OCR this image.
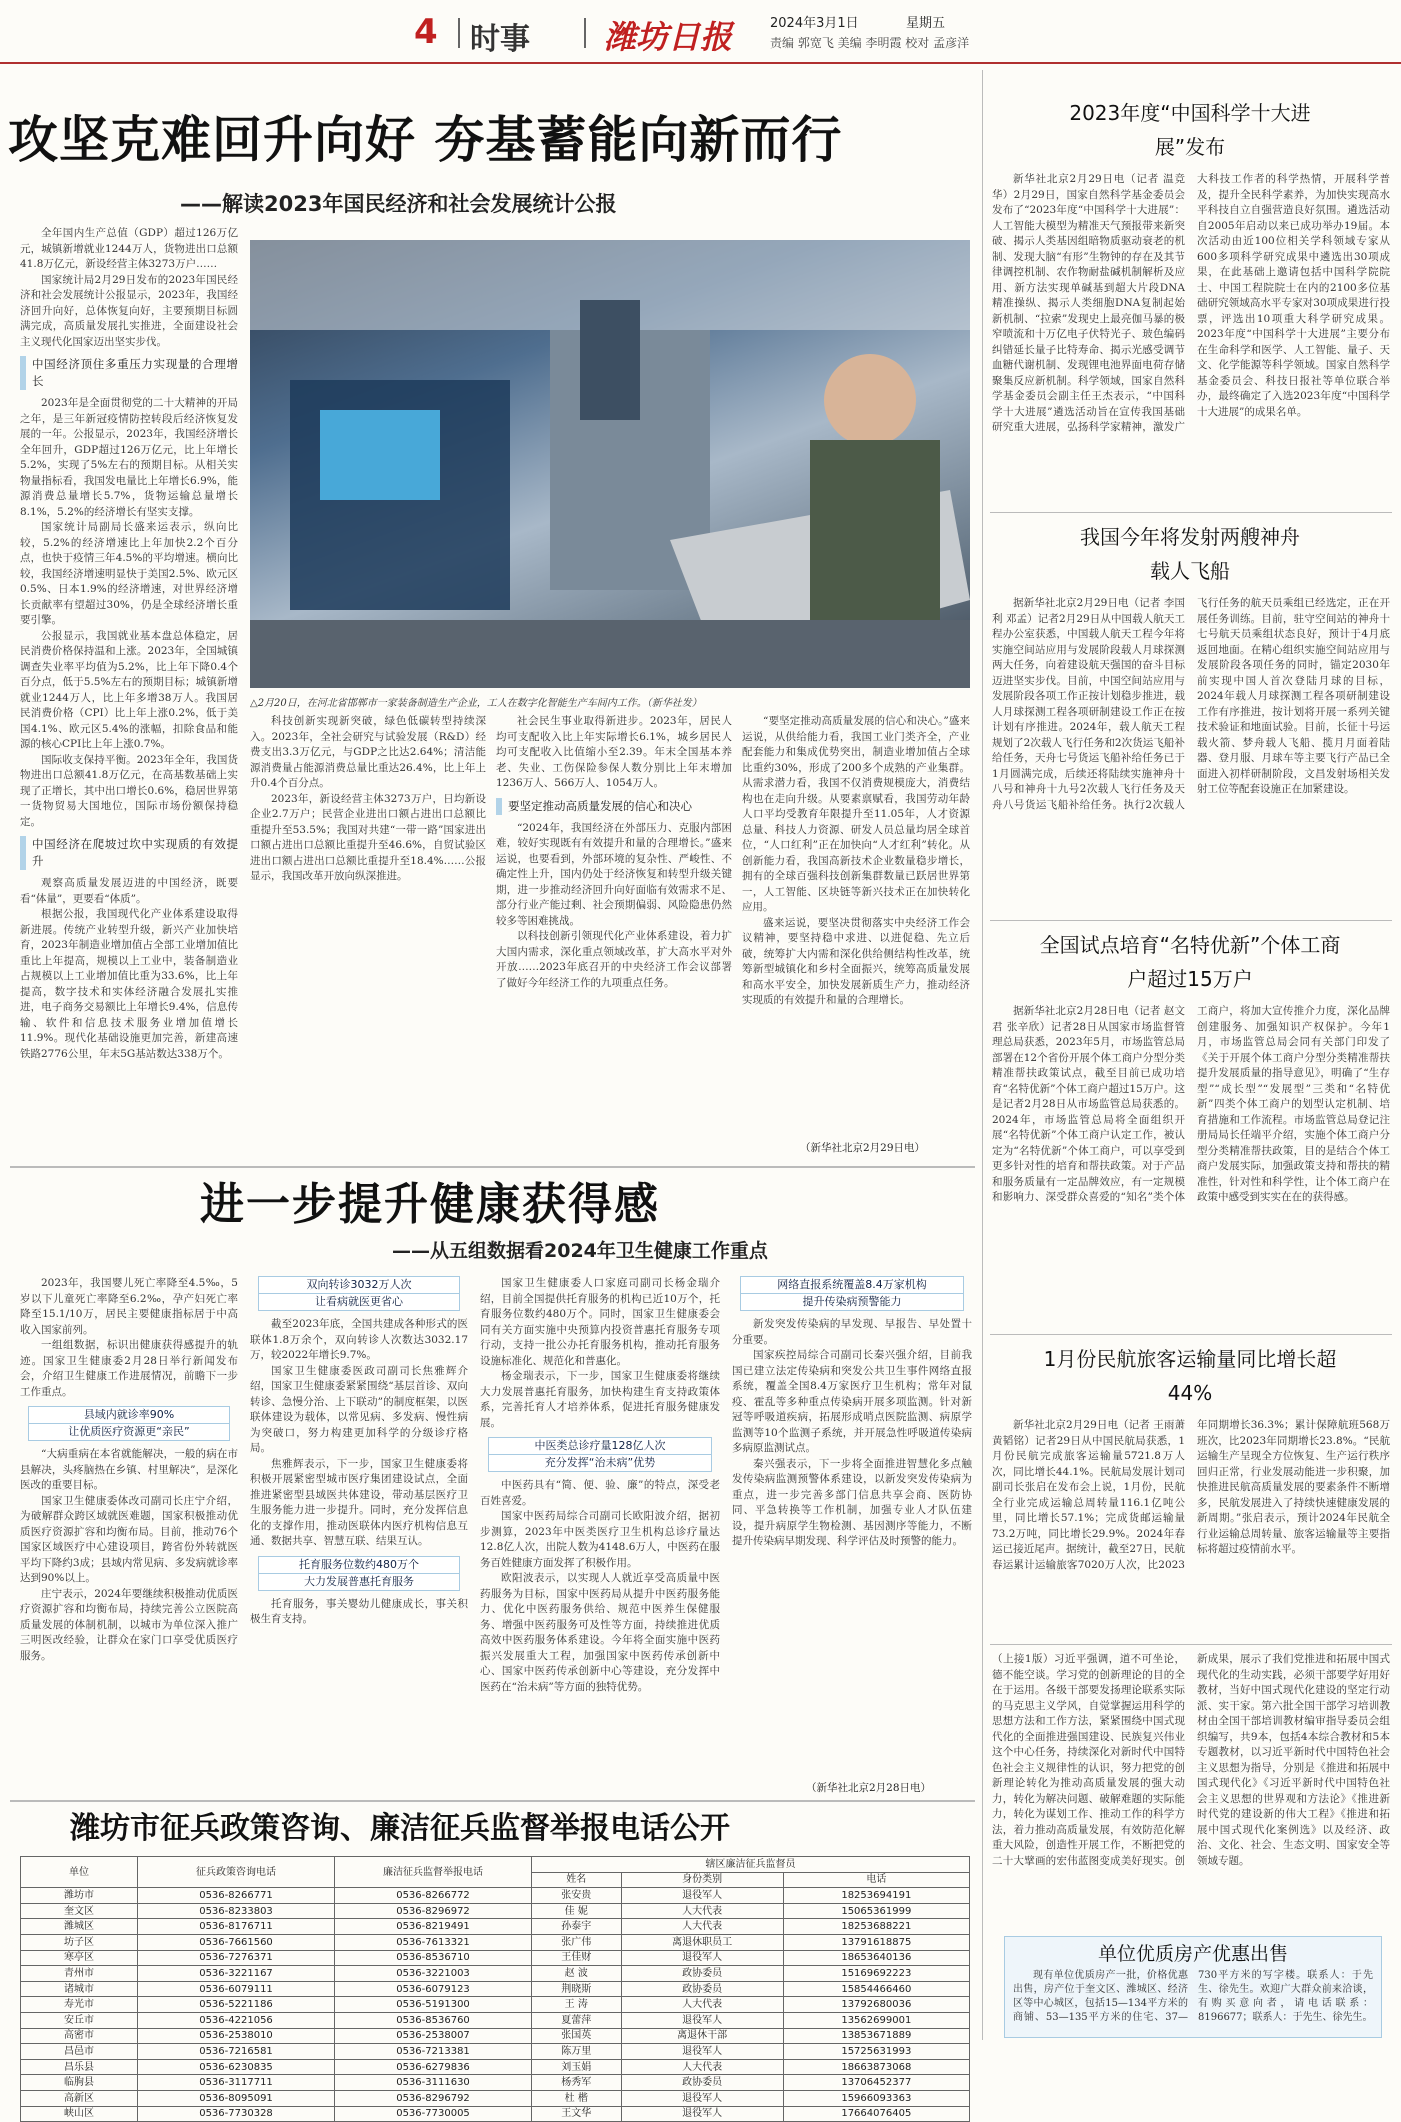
4 时事 潍坊日报	2024年3月1日	星期五
责编 郭宽飞 美编 李明霞 校对 孟彦洋
攻坚克难回升向好 夯基蓄能向新而行
——解读2023年国民经济和社会发展统计公报

全年国内生产总值（GDP）超过126万亿元，城镇新增就业1244万人，货物进出口总额41.8万亿元，新设经营主体3273万户……

国家统计局2月29日发布的2023年国民经济和社会发展统计公报显示，2023年，我国经济回升向好，总体恢复向好，主要预期目标圆满完成，高质量发展扎实推进，全面建设社会主义现代化国家迈出坚实步伐。

中国经济顶住多重压力实现量的合理增长

2023年是全面贯彻党的二十大精神的开局之年，是三年新冠疫情防控转段后经济恢复发展的一年。公报显示，2023年，我国经济增长全年回升，GDP超过126万亿元，比上年增长5.2%，实现了5%左右的预期目标。从相关实物量指标看，我国发电量比上年增长6.9%，能源消费总量增长5.7%，货物运输总量增长8.1%，5.2%的经济增长有坚实支撑。

国家统计局副局长盛来运表示，纵向比较，5.2%的经济增速比上年加快2.2个百分点，也快于疫情三年4.5%的平均增速。横向比较，我国经济增速明显快于美国2.5%、欧元区0.5%、日本1.9%的经济增速，对世界经济增长贡献率有望超过30%，仍是全球经济增长重要引擎。

公报显示，我国就业基本盘总体稳定，居民消费价格保持温和上涨。2023年，全国城镇调查失业率平均值为5.2%，比上年下降0.4个百分点，低于5.5%左右的预期目标；城镇新增就业1244万人，比上年多增38万人。我国居民消费价格（CPI）比上年上涨0.2%，低于美国4.1%、欧元区5.4%的涨幅，扣除食品和能源的核心CPI比上年上涨0.7%。

国际收支保持平衡。2023年全年，我国货物进出口总额41.8万亿元，在高基数基础上实现了正增长，其中出口增长0.6%，稳居世界第一货物贸易大国地位，国际市场份额保持稳定。

中国经济在爬坡过坎中实现质的有效提升

观察高质量发展迈进的中国经济，既要看“体量”，更要看“体质”。

根据公报，我国现代化产业体系建设取得新进展。传统产业转型升级，新兴产业加快培育，2023年制造业增加值占全部工业增加值比重比上年提高，规模以上工业中，装备制造业占规模以上工业增加值比重为33.6%，比上年提高，数字技术和实体经济融合发展扎实推进，电子商务交易额比上年增长9.4%，信息传输、软件和信息技术服务业增加值增长11.9%。现代化基础设施更加完善，新建高速铁路2776公里，年末5G基站数达338万个。

△2月20日，在河北省邯郸市一家装备制造生产企业，工人在数字化智能生产车间内工作。（新华社发）

科技创新实现新突破，绿色低碳转型持续深入。2023年，全社会研究与试验发展（R&D）经费支出3.3万亿元，与GDP之比达2.64%；清洁能源消费量占能源消费总量比重达26.4%，比上年上升0.4个百分点。

2023年，新设经营主体3273万户，日均新设企业2.7万户；民营企业进出口额占进出口总额比重提升至53.5%；我国对共建“一带一路”国家进出口额占进出口总额比重提升至46.6%，自贸试验区进出口额占进出口总额比重提升至18.4%……公报显示，我国改革开放向纵深推进。

社会民生事业取得新进步。2023年，居民人均可支配收入比上年实际增长6.1%，城乡居民人均可支配收入比值缩小至2.39。年末全国基本养老、失业、工伤保险参保人数分别比上年末增加1236万人、566万人、1054万人。

要坚定推动高质量发展的信心和决心

“2024年，我国经济在外部压力、克服内部困难，较好实现既有有效提升和量的合理增长。”盛来运说，也要看到，外部环境的复杂性、严峻性、不确定性上升，国内仍处于经济恢复和转型升级关键期，进一步推动经济回升向好面临有效需求不足、部分行业产能过剩、社会预期偏弱、风险隐患仍然较多等困难挑战。

以科技创新引领现代化产业体系建设，着力扩大国内需求，深化重点领域改革，扩大高水平对外开放……2023年底召开的中央经济工作会议部署了做好今年经济工作的九项重点任务。

“要坚定推动高质量发展的信心和决心。”盛来运说，从供给能力看，我国工业门类齐全，产业配套能力和集成优势突出，制造业增加值占全球比重约30%，形成了200多个成熟的产业集群。从需求潜力看，我国不仅消费规模庞大，消费结构也在走向升级。从要素禀赋看，我国劳动年龄人口平均受教育年限提升至11.05年，人才资源总量、科技人力资源、研发人员总量均居全球首位，“人口红利”正在加快向“人才红利”转化。从创新能力看，我国高新技术企业数量稳步增长，拥有的全球百强科技创新集群数量已跃居世界第一，人工智能、区块链等新兴技术正在加快转化应用。

盛来运说，要坚决贯彻落实中央经济工作会议精神，要坚持稳中求进、以进促稳、先立后破，统筹扩大内需和深化供给侧结构性改革，统筹新型城镇化和乡村全面振兴，统筹高质量发展和高水平安全，加快发展新质生产力，推动经济实现质的有效提升和量的合理增长。

（新华社北京2月29日电）
进一步提升健康获得感
——从五组数据看2024年卫生健康工作重点

2023年，我国婴儿死亡率降至4.5‰，5岁以下儿童死亡率降至6.2‰，孕产妇死亡率降至15.1/10万，居民主要健康指标居于中高收入国家前列。

一组组数据，标识出健康获得感提升的轨迹。国家卫生健康委2月28日举行新闻发布会，介绍卫生健康工作进展情况，前瞻下一步工作重点。

县域内就诊率90%
让优质医疗资源更“亲民”

“大病重病在本省就能解决，一般的病在市县解决，头疼脑热在乡镇、村里解决”，是深化医改的重要目标。

国家卫生健康委体改司副司长庄宁介绍，为破解群众跨区域就医难题，国家积极推动优质医疗资源扩容和均衡布局。目前，推动76个国家区域医疗中心建设项目，跨省份外转就医平均下降约3成；县域内常见病、多发病就诊率达到90%以上。

庄宁表示，2024年要继续积极推动优质医疗资源扩容和均衡布局，持续完善公立医院高质量发展的体制机制，以城市为单位深入推广三明医改经验，让群众在家门口享受优质医疗服务。

双向转诊3032万人次
让看病就医更省心

截至2023年底，全国共建成各种形式的医联体1.8万余个，双向转诊人次数达3032.17万，较2022年增长9.7%。

国家卫生健康委医政司副司长焦雅辉介绍，国家卫生健康委紧紧围绕“基层首诊、双向转诊、急慢分治、上下联动”的制度框架，以医联体建设为载体，以常见病、多发病、慢性病为突破口，努力构建更加科学的分级诊疗格局。

焦雅辉表示，下一步，国家卫生健康委将积极开展紧密型城市医疗集团建设试点，全面推进紧密型县域医共体建设，带动基层医疗卫生服务能力进一步提升。同时，充分发挥信息化的支撑作用，推动医联体内医疗机构信息互通、数据共享、智慧互联、结果互认。

托育服务位数约480万个
大力发展普惠托育服务

托育服务，事关婴幼儿健康成长，事关积极生育支持。

国家卫生健康委人口家庭司副司长杨金瑞介绍，目前全国提供托育服务的机构已近10万个，托育服务位数约480万个。同时，国家卫生健康委会同有关方面实施中央预算内投资普惠托育服务专项行动，支持一批公办托育服务机构，推动托育服务设施标准化、规范化和普惠化。

杨金瑞表示，下一步，国家卫生健康委将继续大力发展普惠托育服务，加快构建生育支持政策体系，完善托育人才培养体系，促进托育服务健康发展。

中医类总诊疗量128亿人次
充分发挥“治未病”优势

中医药具有“简、便、验、廉”的特点，深受老百姓喜爱。

国家中医药局综合司副司长欧阳波介绍，据初步测算，2023年中医类医疗卫生机构总诊疗量达12.8亿人次，出院人数为4148.6万人，中医药在服务百姓健康方面发挥了积极作用。

欧阳波表示，以实现人人就近享受高质量中医药服务为目标，国家中医药局从提升中医药服务能力、优化中医药服务供给、规范中医养生保健服务、增强中医药服务可及性等方面，持续推进优质高效中医药服务体系建设。今年将全面实施中医药振兴发展重大工程，加强国家中医药传承创新中心、国家中医药传承创新中心等建设，充分发挥中医药在“治未病”等方面的独特优势。

网络直报系统覆盖8.4万家机构
提升传染病预警能力

新发突发传染病的早发现、早报告、早处置十分重要。

国家疾控局综合司副司长秦兴强介绍，目前我国已建立法定传染病和突发公共卫生事件网络直报系统，覆盖全国8.4万家医疗卫生机构；常年对鼠疫、霍乱等多种重点传染病开展多项监测。针对新冠等呼吸道疾病，拓展形成哨点医院监测、病原学监测等10个监测子系统，并开展急性呼吸道传染病多病原监测试点。

秦兴强表示，下一步将全面推进智慧化多点触发传染病监测预警体系建设，以新发突发传染病为重点，进一步完善多部门信息共享会商、医防协同、平急转换等工作机制，加强专业人才队伍建设，提升病原学生物检测、基因测序等能力，不断提升传染病早期发现、科学评估及时预警的能力。

（新华社北京2月28日电）
潍坊市征兵政策咨询、廉洁征兵监督举报电话公开
单位	征兵政策咨询电话	廉洁征兵监督举报电话	辖区廉洁征兵监督员		
			姓名	身份类别	电话
潍坊市	0536-8266771	0536-8266772	张安贵	退役军人	18253694191
奎文区	0536-8233803	0536-8296972	佳 妮	人大代表	15065361999
潍城区	0536-8176711	0536-8219491	孙泰宇	人大代表	18253688221
坊子区	0536-7661560	0536-7613321	张广伟	离退休职员工	13791618875
寒亭区	0536-7276371	0536-8536710	王佳财	退役军人	18653640136
青州市	0536-3221167	0536-3221003	赵 波	政协委员	15169692223
诸城市	0536-6079111	0536-6079123	荆晓斯	政协委员	15854466460
寿光市	0536-5221186	0536-5191300	王 涛	人大代表	13792680036
安丘市	0536-4221056	0536-8536760	夏蕾萍	退役军人	13562699001
高密市	0536-2538010	0536-2538007	张国英	离退休干部	13853671889
昌邑市	0536-7216581	0536-7213381	陈万里	退役军人	15725631993
昌乐县	0536-6230835	0536-6279836	刘玉娟	人大代表	18663873068
临朐县	0536-3117711	0536-3111630	杨秀军	政协委员	13706452377
高新区	0536-8095091	0536-8296792	杜 楷	退役军人	15966093363
峡山区	0536-7730328	0536-7730005	王文华	退役军人	17664076405
2023年度“中国科学十大进展”发布
新华社北京2月29日电（记者 温竞华）2月29日，国家自然科学基金委员会发布了“2023年度“中国科学十大进展”：人工智能大模型为精准天气预报带来新突破、揭示人类基因组暗物质驱动衰老的机制、发现大脑“有形”生物钟的存在及其节律调控机制、农作物耐盐碱机制解析及应用、新方法实现单碱基到超大片段DNA精准操纵、揭示人类细胞DNA复制起始新机制、“拉索”发现史上最亮伽马暴的极窄喷流和十万亿电子伏特光子、玻色编码纠错延长量子比特寿命、揭示光感受调节血糖代谢机制、发现锂电池界面电荷存储聚集反应新机制。科学领域，国家自然科学基金委员会副主任王杰表示，“中国科学十大进展”遴选活动旨在宣传我国基础研究重大进展，弘扬科学家精神，激发广大科技工作者的科学热情，开展科学普及，提升全民科学素养，为加快实现高水平科技自立自强营造良好氛围。遴选活动自2005年启动以来已成功举办19届。本次活动由近100位相关学科领域专家从600多项科学研究成果中遴选出30项成果，在此基础上邀请包括中国科学院院士、中国工程院院士在内的2100多位基础研究领域高水平专家对30项成果进行投票，评选出10项重大科学研究成果。2023年度“中国科学十大进展”主要分布在生命科学和医学、人工智能、量子、天文、化学能源等科学领域。国家自然科学基金委员会、科技日报社等单位联合举办，最终确定了入选2023年度“中国科学十大进展”的成果名单。
我国今年将发射两艘神舟载人飞船
据新华社北京2月29日电（记者 李国利 邓孟）记者2月29日从中国载人航天工程办公室获悉，中国载人航天工程今年将实施空间站应用与发展阶段载人月球探测两大任务，向着建设航天强国的奋斗目标迈进坚实步伐。目前，中国空间站应用与发展阶段各项工作正按计划稳步推进，载人月球探测工程各项研制建设工作正在按计划有序推进。2024年，载人航天工程规划了2次载人飞行任务和2次货运飞船补给任务，天舟七号货运飞船补给任务已于1月圆满完成，后续还将陆续实施神舟十八号和神舟十九号2次载人飞行任务及天舟八号货运飞船补给任务。执行2次载人飞行任务的航天员乘组已经选定，正在开展任务训练。目前，驻守空间站的神舟十七号航天员乘组状态良好，预计于4月底返回地面。在精心组织实施空间站应用与发展阶段各项任务的同时，锚定2030年前实现中国人首次登陆月球的目标，2024年载人月球探测工程各项研制建设工作有序推进，按计划将开展一系列关键技术验证和地面试验。目前，长征十号运载火箭、梦舟载人飞船、揽月月面着陆器、登月服、月球车等主要飞行产品已全面进入初样研制阶段，文昌发射场相关发射工位等配套设施正在加紧建设。
全国试点培育“名特优新”个体工商户超过15万户
据新华社北京2月28日电（记者 赵文君 张辛欣）记者28日从国家市场监督管理总局获悉，2023年5月，市场监管总局部署在12个省份开展个体工商户分型分类精准帮扶政策试点，截至目前已成功培育“名特优新”个体工商户超过15万户。这是记者2月28日从市场监管总局获悉的。2024年，市场监管总局将全面组织开展“名特优新”个体工商户认定工作，被认定为“名特优新”个体工商户，可以享受到更多针对性的培育和帮扶政策。对于产品和服务质量有一定品牌效应，有一定规模和影响力、深受群众喜爱的“知名”类个体工商户，将加大宣传推介力度，深化品牌创建服务、加强知识产权保护。今年1月，市场监管总局会同有关部门印发了《关于开展个体工商户分型分类精准帮扶提升发展质量的指导意见》，明确了“生存型”“成长型”“发展型”三类和“名特优新”四类个体工商户的划型认定机制、培育措施和工作流程。市场监管总局登记注册局局长任端平介绍，实施个体工商户分型分类精准帮扶政策，目的是结合个体工商户发展实际，加强政策支持和帮扶的精准性，针对性和科学性，让个体工商户在政策中感受到实实在在的获得感。
1月份民航旅客运输量同比增长超44%
新华社北京2月29日电（记者 王雨萧 黄韬铭）记者29日从中国民航局获悉，1月份民航完成旅客运输量5721.8万人次，同比增长44.1%。民航局发展计划司副司长张启在发布会上说，1月份，民航全行业完成运输总周转量116.1亿吨公里，同比增长57.1%；完成货邮运输量73.2万吨，同比增长29.9%。2024年春运已接近尾声。据统计，截至27日，民航春运累计运输旅客7020万人次，比2023年同期增长36.3%；累计保障航班568万班次，比2023年同期增长23.8%。“民航运输生产呈现全方位恢复、生产运行秩序回归正常，行业发展动能进一步积聚，加快推进民航高质量发展的要素条件不断增多，民航发展进入了持续快速健康发展的新周期。”张启表示，预计2024年民航全行业运输总周转量、旅客运输量等主要指标将超过疫情前水平。
（上接1版）习近平强调，道不可坐论，德不能空谈。学习党的创新理论的目的全在于运用。各级干部要发扬理论联系实际的马克思主义学风，自觉掌握运用科学的思想方法和工作方法，紧紧围绕中国式现代化的全面推进强国建设、民族复兴伟业这个中心任务，持续深化对新时代中国特色社会主义规律性的认识，努力把党的创新理论转化为推动高质量发展的强大动力，转化为解决问题、破解难题的实际能力，转化为谋划工作、推动工作的科学方法，着力推动高质量发展，有效防范化解重大风险，创造性开展工作，不断把党的二十大擘画的宏伟蓝图变成美好现实。创新成果，展示了我们党推进和拓展中国式现代化的生动实践，必须干部要学好用好教材，当好中国式现代化建设的坚定行动派、实干家。第六批全国干部学习培训教材由全国干部培训教材编审指导委员会组织编写，共9本，包括4本综合教材和5本专题教材，以习近平新时代中国特色社会主义思想为指导，分别是《推进和拓展中国式现代化》《习近平新时代中国特色社会主义思想的世界观和方法论》《推进新时代党的建设新的伟大工程》《推进和拓展中国式现代化案例选》以及经济、政治、文化、社会、生态文明、国家安全等领域专题。
单位优质房产优惠出售
现有单位优质房产一批，价格优惠出售，房产位于奎文区、潍城区、经济区等中心城区，包括15—134平方米的商铺、53—135平方米的住宅、37—730平方米的写字楼。联系人：于先生、徐先生。欢迎广大群众前来洽谈，有购买意向者，请电话联系：8196677；联系人：于先生、徐先生。
